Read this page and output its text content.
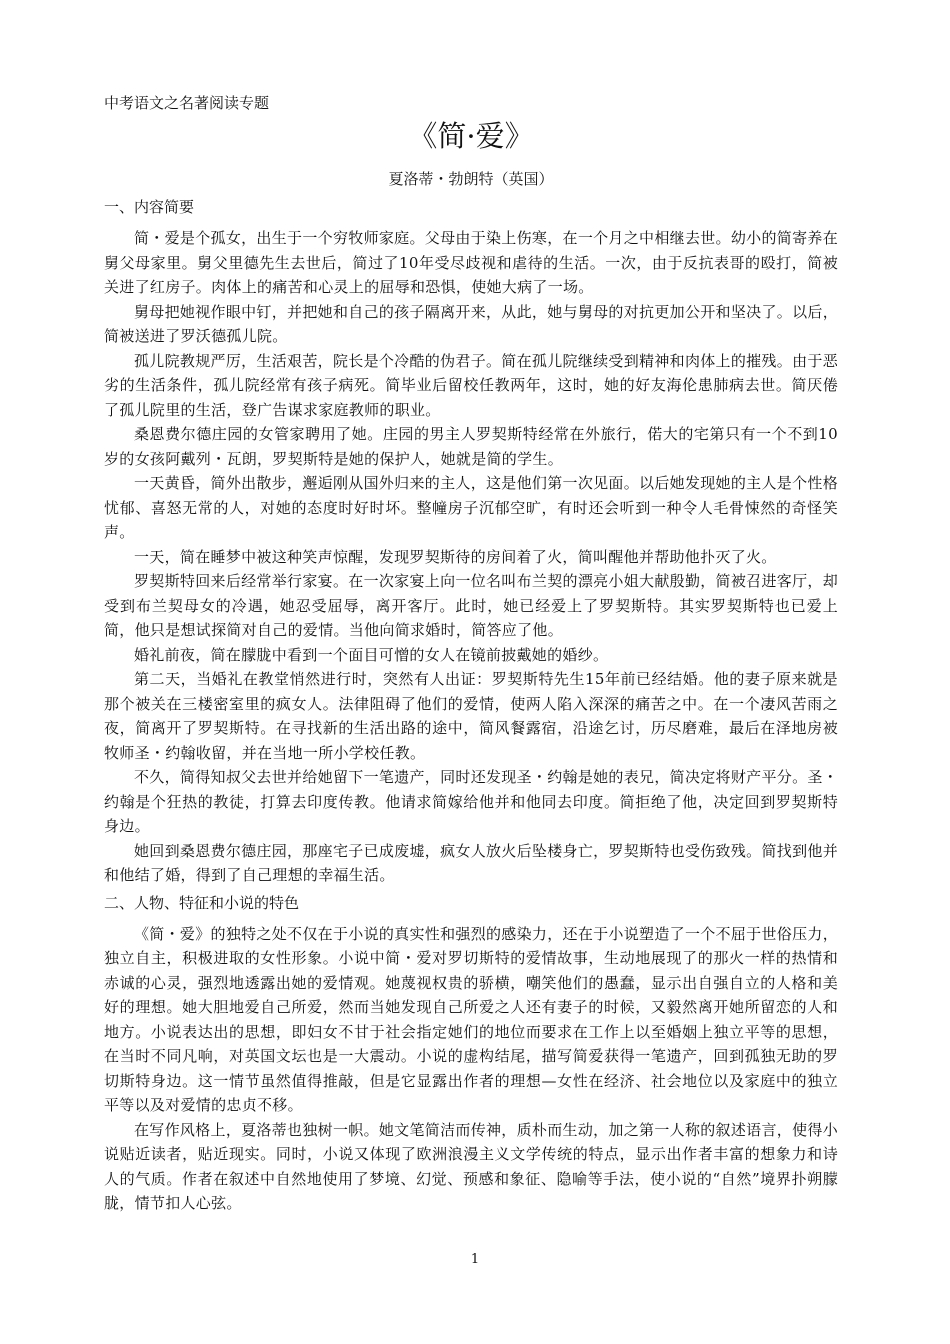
中考语文之名著阅读专题

《简·爱》

夏洛蒂・勃朗特（英国）

一、内容简要

简・爱是个孤女，出生于一个穷牧师家庭。父母由于染上伤寒，在一个月之中相继去世。幼小的简寄养在舅父母家里。舅父里德先生去世后，简过了10年受尽歧视和虐待的生活。一次，由于反抗表哥的殴打，简被关进了红房子。肉体上的痛苦和心灵上的屈辱和恐惧，使她大病了一场。

舅母把她视作眼中钉，并把她和自己的孩子隔离开来，从此，她与舅母的对抗更加公开和坚决了。以后，简被送进了罗沃德孤儿院。

孤儿院教规严厉，生活艰苦，院长是个冷酷的伪君子。简在孤儿院继续受到精神和肉体上的摧残。由于恶劣的生活条件，孤儿院经常有孩子病死。简毕业后留校任教两年，这时，她的好友海伦患肺病去世。简厌倦了孤儿院里的生活，登广告谋求家庭教师的职业。

桑恩费尔德庄园的女管家聘用了她。庄园的男主人罗契斯特经常在外旅行，偌大的宅第只有一个不到10岁的女孩阿戴列・瓦朗，罗契斯特是她的保护人，她就是简的学生。

一天黄昏，简外出散步，邂逅刚从国外归来的主人，这是他们第一次见面。以后她发现她的主人是个性格忧郁、喜怒无常的人，对她的态度时好时坏。整幢房子沉郁空旷，有时还会听到一种令人毛骨悚然的奇怪笑声。

一天，简在睡梦中被这种笑声惊醒，发现罗契斯待的房间着了火，简叫醒他并帮助他扑灭了火。

罗契斯特回来后经常举行家宴。在一次家宴上向一位名叫布兰契的漂亮小姐大献殷勤，简被召进客厅，却受到布兰契母女的冷遇，她忍受屈辱，离开客厅。此时，她已经爱上了罗契斯特。其实罗契斯特也已爱上简，他只是想试探简对自己的爱情。当他向简求婚时，简答应了他。

婚礼前夜，简在朦胧中看到一个面目可憎的女人在镜前披戴她的婚纱。

第二天，当婚礼在教堂悄然进行时，突然有人出证：罗契斯特先生15年前已经结婚。他的妻子原来就是那个被关在三楼密室里的疯女人。法律阻碍了他们的爱情，使两人陷入深深的痛苦之中。在一个凄风苦雨之夜，简离开了罗契斯特。在寻找新的生活出路的途中，简风餐露宿，沿途乞讨，历尽磨难，最后在泽地房被牧师圣・约翰收留，并在当地一所小学校任教。

不久，简得知叔父去世并给她留下一笔遗产，同时还发现圣・约翰是她的表兄，简决定将财产平分。圣・约翰是个狂热的教徒，打算去印度传教。他请求简嫁给他并和他同去印度。简拒绝了他，决定回到罗契斯特身边。

她回到桑恩费尔德庄园，那座宅子已成废墟，疯女人放火后坠楼身亡，罗契斯特也受伤致残。简找到他并和他结了婚，得到了自己理想的幸福生活。

二、人物、特征和小说的特色

《简・爱》的独特之处不仅在于小说的真实性和强烈的感染力，还在于小说塑造了一个不屈于世俗压力，独立自主，积极进取的女性形象。小说中简・爱对罗切斯特的爱情故事，生动地展现了的那火一样的热情和赤诚的心灵，强烈地透露出她的爱情观。她蔑视权贵的骄横，嘲笑他们的愚蠢，显示出自强自立的人格和美好的理想。她大胆地爱自己所爱，然而当她发现自己所爱之人还有妻子的时候，又毅然离开她所留恋的人和地方。小说表达出的思想，即妇女不甘于社会指定她们的地位而要求在工作上以至婚姻上独立平等的思想，在当时不同凡响，对英国文坛也是一大震动。小说的虚构结尾，描写简爱获得一笔遗产，回到孤独无助的罗切斯特身边。这一情节虽然值得推敲，但是它显露出作者的理想—女性在经济、社会地位以及家庭中的独立平等以及对爱情的忠贞不移。

在写作风格上，夏洛蒂也独树一帜。她文笔简洁而传神，质朴而生动，加之第一人称的叙述语言，使得小说贴近读者，贴近现实。同时，小说又体现了欧洲浪漫主义文学传统的特点，显示出作者丰富的想象力和诗人的气质。作者在叙述中自然地使用了梦境、幻觉、预感和象征、隐喻等手法，使小说的“自然”境界扑朔朦胧，情节扣人心弦。

1
